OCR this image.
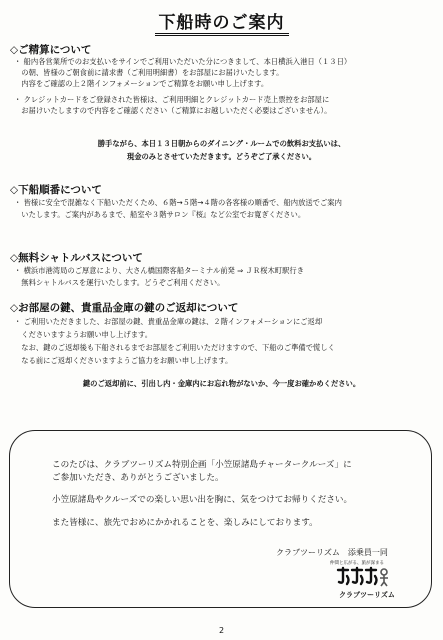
下船時のご案内
◇ご精算について
・ 船内各営業所でのお支払いをサインでご利用いただいた分につきまして、本日横浜入港日（１３日）
　の朝、皆様のご朝食前に請求書（ご利用明細書）をお部屋にお届けいたします。
　内容をご確認の上２階インフォメーションでご精算をお願い申し上げます。
・ クレジットカードをご登録された皆様は、ご利用明細とクレジットカード売上票控をお部屋に
　お届けいたしますので内容をご確認ください（ご精算にお越しいただく必要はございません）。
勝手ながら、本日１３日朝からのダイニング・ルームでの飲料お支払いは、
現金のみとさせていただきます。どうぞご了承ください。
◇下船順番について
・ 皆様に安全で混雑なく下船いただくため、６階→５階→４階の各客様の順番で、船内放送でご案内
　いたします。ご案内があるまで、船室や３階サロン『桜』など公室でお寛ぎください。
◇無料シャトルバスについて
・ 横浜市港湾局のご厚意により、大さん橋国際客船ターミナル前発 ⇒ ＪＲ桜木町駅行き
　無料シャトルバスを運行いたします。どうぞご利用ください。
◇お部屋の鍵、貴重品金庫の鍵のご返却について
・ ご利用いただきました、お部屋の鍵、貴重品金庫の鍵は、２階インフォメーションにご返却
　くださいますようお願い申し上げます。
　なお、鍵のご返却後も下船されるまでお部屋をご利用いただけますので、下船のご準備で慌しく
　なる前にご返却くださいますようご協力をお願い申し上げます。
鍵のご返却前に、引出し内・金庫内にお忘れ物がないか、今一度お確かめください。
このたびは、クラブツーリズム特別企画「小笠原諸島チャータークルーズ」に
ご参加いただき、ありがとうございました。
小笠原諸島やクルーズでの楽しい思い出を胸に、気をつけてお帰りください。
また皆様に、旅先でおめにかかれることを、楽しみにしております。
クラブツーリズム　添乗員一同
仲間と広がる、旅が深まる
クラブツーリズム
2
